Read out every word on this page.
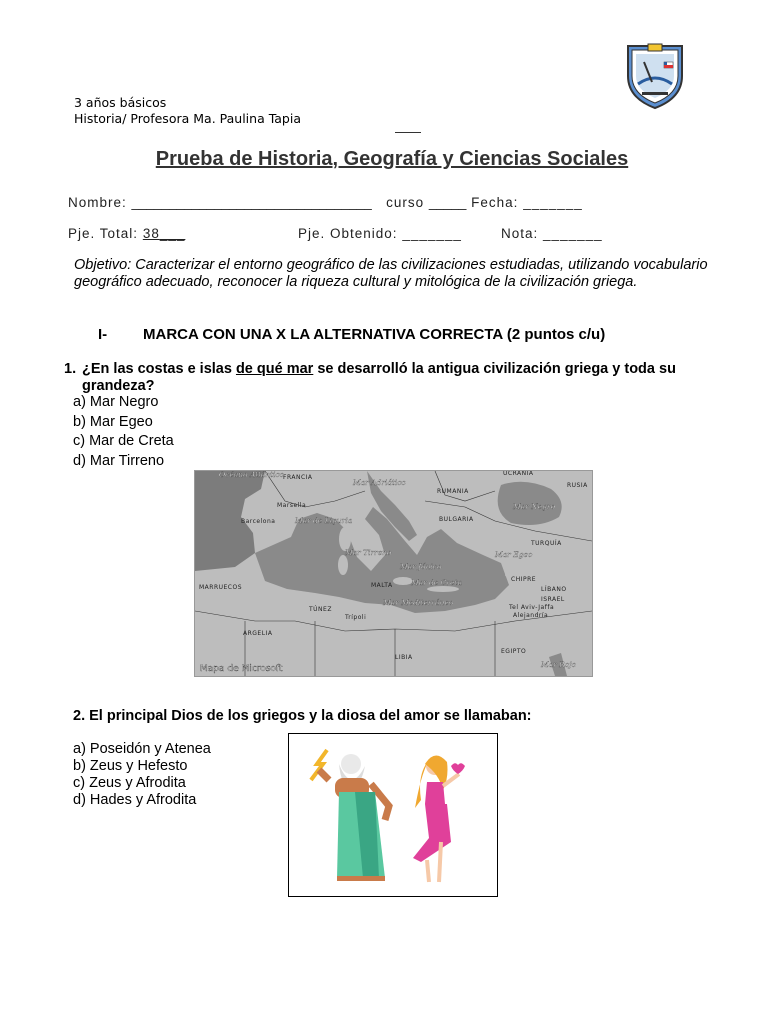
3 años básicos
Historia/ Profesora Ma. Paulina Tapia
Prueba de Historia, Geografía y Ciencias Sociales
Nombre: ________________________________ curso _____ Fecha: _______
Pje. Total: 38___	Pje. Obtenido: _______	Nota: _______
Objetivo: Caracterizar el entorno geográfico de las civilizaciones estudiadas, utilizando vocabulario geográfico adecuado, reconocer la riqueza cultural y mitológica de la civilización griega.
I- MARCA CON UNA X LA ALTERNATIVA CORRECTA (2 puntos c/u)
1. ¿En las costas e islas de qué mar se desarrolló la antigua civilización griega y toda su grandeza?
a) Mar Negro
b) Mar Egeo
c) Mar de Creta
d) Mar Tirreno
Océano Atlántico
Mar Adriático
Mar de Liguria
Mar Tirreno
Mar Negro
Mar Egeo
Mar Jónico
Mar de Creta
Mar Mediterráneo
Mar Rojo
FRANCIA
UCRANIA
RUSIA
RUMANIA
Marsella
Barcelona	BULGARIA
TURQUÍA
MALTA
CHIPRE
LÍBANO
ISRAEL
MARRUECOS
TÚNEZ
Trípoli
Tel Aviv-Jaffa
Alejandría
ARGELIA
LIBIA
EGIPTO
Mapa de Microsoft
2. El principal Dios de los griegos y la diosa del amor se llamaban:
a) Poseidón y Atenea
b) Zeus y Hefesto
c) Zeus y Afrodita
d) Hades y Afrodita
